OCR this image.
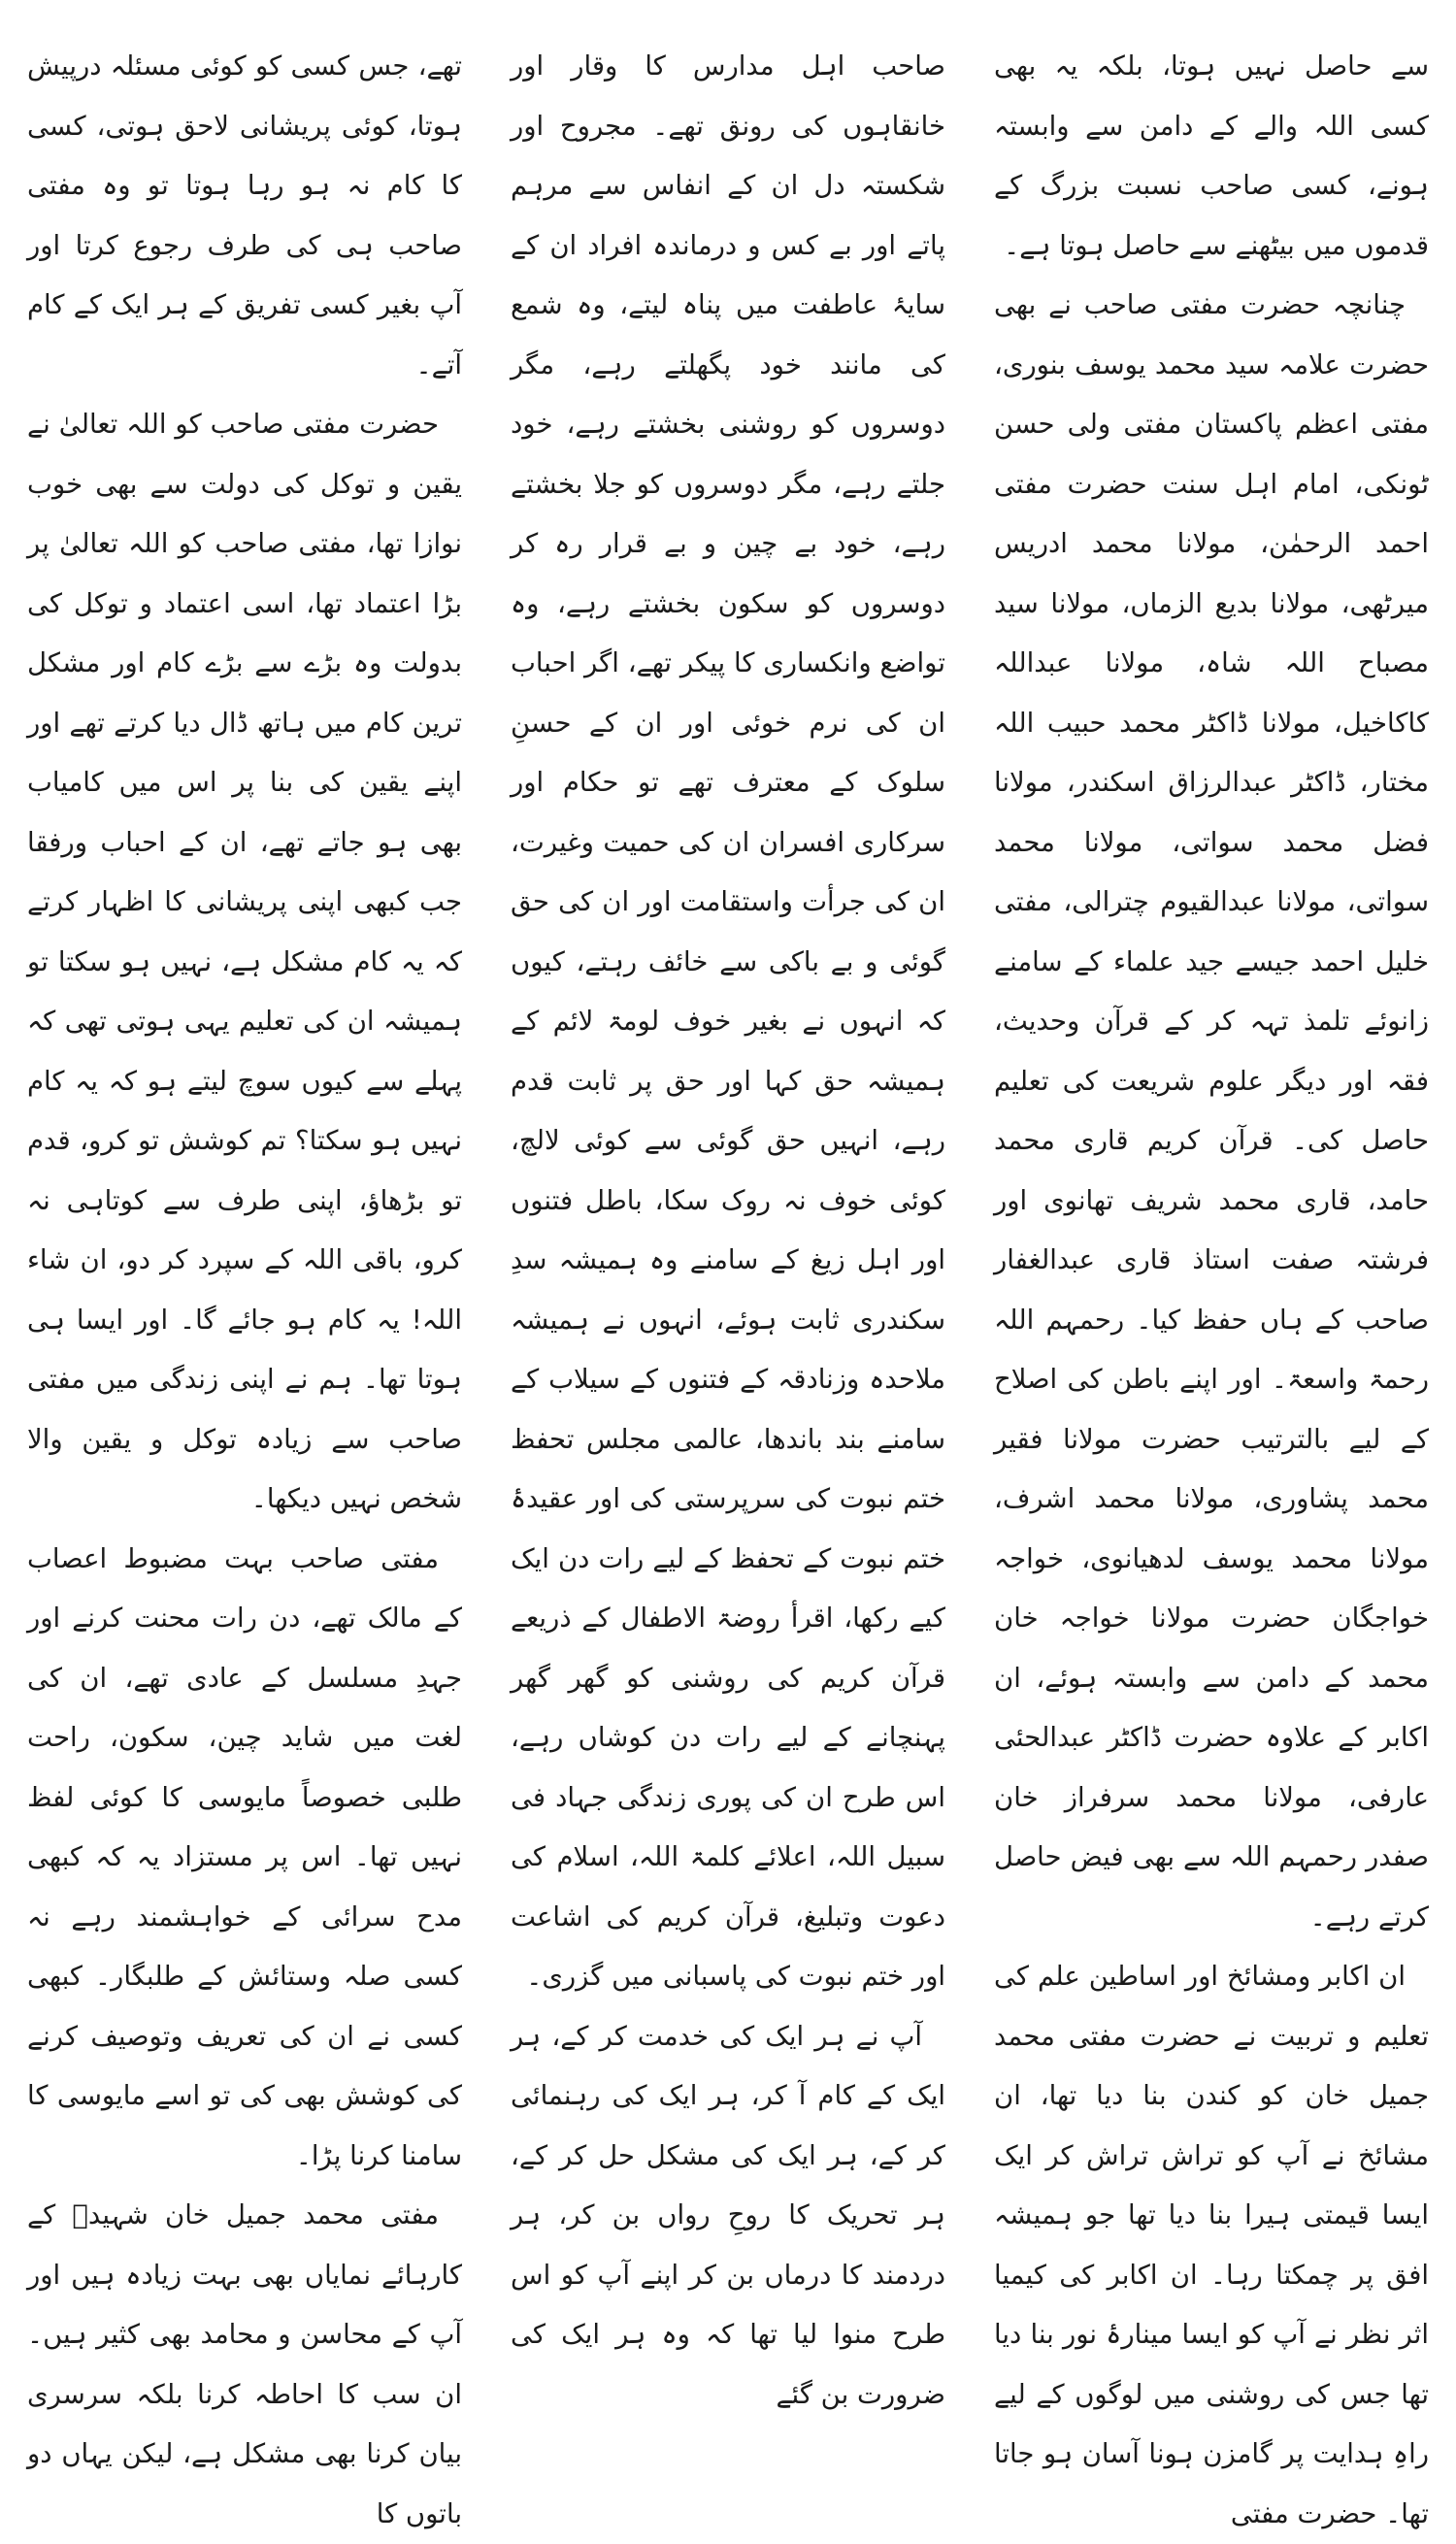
سے حاصل نہیں ہوتا، بلکہ یہ بھی کسی اللہ والے کے دامن سے وابستہ ہونے، کسی صاحب نسبت بزرگ کے قدموں میں بیٹھنے سے حاصل ہوتا ہے۔

چنانچہ حضرت مفتی صاحب نے بھی حضرت علامہ سید محمد یوسف بنوری، مفتی اعظم پاکستان مفتی ولی حسن ٹونکی، امام اہل سنت حضرت مفتی احمد الرحمٰن، مولانا محمد ادریس میرٹھی، مولانا بدیع الزماں، مولانا سید مصباح اللہ شاہ، مولانا عبداللہ کاکاخیل، مولانا ڈاکٹر محمد حبیب اللہ مختار، ڈاکٹر عبدالرزاق اسکندر، مولانا فضل محمد سواتی، مولانا محمد سواتی، مولانا عبدالقیوم چترالی، مفتی خلیل احمد جیسے جید علماء کے سامنے زانوئے تلمذ تہہ کر کے قرآن وحدیث، فقہ اور دیگر علوم شریعت کی تعلیم حاصل کی۔ قرآن کریم قاری محمد حامد، قاری محمد شریف تھانوی اور فرشتہ صفت استاذ قاری عبدالغفار صاحب کے ہاں حفظ کیا۔ رحمہم اللہ رحمۃ واسعۃ۔ اور اپنے باطن کی اصلاح کے لیے بالترتیب حضرت مولانا فقیر محمد پشاوری، مولانا محمد اشرف، مولانا محمد یوسف لدھیانوی، خواجہ خواجگان حضرت مولانا خواجہ خان محمد کے دامن سے وابستہ ہوئے، ان اکابر کے علاوہ حضرت ڈاکٹر عبدالحئی عارفی، مولانا محمد سرفراز خان صفدر رحمہم اللہ سے بھی فیض حاصل کرتے رہے۔

ان اکابر ومشائخ اور اساطین علم کی تعلیم و تربیت نے حضرت مفتی محمد جمیل خان کو کندن بنا دیا تھا، ان مشائخ نے آپ کو تراش تراش کر ایک ایسا قیمتی ہیرا بنا دیا تھا جو ہمیشہ افق پر چمکتا رہا۔ ان اکابر کی کیمیا اثر نظر نے آپ کو ایسا مینارۂ نور بنا دیا تھا جس کی روشنی میں لوگوں کے لیے راہِ ہدایت پر گامزن ہونا آسان ہو جاتا تھا۔ حضرت مفتی

صاحب اہل مدارس کا وقار اور خانقاہوں کی رونق تھے۔ مجروح اور شکستہ دل ان کے انفاس سے مرہم پاتے اور بے کس و درماندہ افراد ان کے سایۂ عاطفت میں پناہ لیتے، وہ شمع کی مانند خود پگھلتے رہے، مگر دوسروں کو روشنی بخشتے رہے، خود جلتے رہے، مگر دوسروں کو جلا بخشتے رہے، خود بے چین و بے قرار رہ کر دوسروں کو سکون بخشتے رہے، وہ تواضع وانکساری کا پیکر تھے، اگر احباب ان کی نرم خوئی اور ان کے حسنِ سلوک کے معترف تھے تو حکام اور سرکاری افسران ان کی حمیت وغیرت، ان کی جرأت واستقامت اور ان کی حق گوئی و بے باکی سے خائف رہتے، کیوں کہ انہوں نے بغیر خوف لومۃ لائم کے ہمیشہ حق کہا اور حق پر ثابت قدم رہے، انہیں حق گوئی سے کوئی لالچ، کوئی خوف نہ روک سکا، باطل فتنوں اور اہل زیغ کے سامنے وہ ہمیشہ سدِ سکندری ثابت ہوئے، انہوں نے ہمیشہ ملاحدہ وزنادقہ کے فتنوں کے سیلاب کے سامنے بند باندھا، عالمی مجلس تحفظ ختم نبوت کی سرپرستی کی اور عقیدۂ ختم نبوت کے تحفظ کے لیے رات دن ایک کیے رکھا، اقرأ روضۃ الاطفال کے ذریعے قرآن کریم کی روشنی کو گھر گھر پہنچانے کے لیے رات دن کوشاں رہے، اس طرح ان کی پوری زندگی جہاد فی سبیل اللہ، اعلائے کلمۃ اللہ، اسلام کی دعوت وتبلیغ، قرآن کریم کی اشاعت اور ختم نبوت کی پاسبانی میں گزری۔

آپ نے ہر ایک کی خدمت کر کے، ہر ایک کے کام آ کر، ہر ایک کی رہنمائی کر کے، ہر ایک کی مشکل حل کر کے، ہر تحریک کا روحِ رواں بن کر، ہر دردمند کا درماں بن کر اپنے آپ کو اس طرح منوا لیا تھا کہ وہ ہر ایک کی ضرورت بن گئے

تھے، جس کسی کو کوئی مسئلہ درپیش ہوتا، کوئی پریشانی لاحق ہوتی، کسی کا کام نہ ہو رہا ہوتا تو وہ مفتی صاحب ہی کی طرف رجوع کرتا اور آپ بغیر کسی تفریق کے ہر ایک کے کام آتے۔

حضرت مفتی صاحب کو اللہ تعالیٰ نے یقین و توکل کی دولت سے بھی خوب نوازا تھا، مفتی صاحب کو اللہ تعالیٰ پر بڑا اعتماد تھا، اسی اعتماد و توکل کی بدولت وہ بڑے سے بڑے کام اور مشکل ترین کام میں ہاتھ ڈال دیا کرتے تھے اور اپنے یقین کی بنا پر اس میں کامیاب بھی ہو جاتے تھے، ان کے احباب ورفقا جب کبھی اپنی پریشانی کا اظہار کرتے کہ یہ کام مشکل ہے، نہیں ہو سکتا تو ہمیشہ ان کی تعلیم یہی ہوتی تھی کہ پہلے سے کیوں سوچ لیتے ہو کہ یہ کام نہیں ہو سکتا؟ تم کوشش تو کرو، قدم تو بڑھاؤ، اپنی طرف سے کوتاہی نہ کرو، باقی اللہ کے سپرد کر دو، ان شاء اللہ! یہ کام ہو جائے گا۔ اور ایسا ہی ہوتا تھا۔ ہم نے اپنی زندگی میں مفتی صاحب سے زیادہ توکل و یقین والا شخص نہیں دیکھا۔

مفتی صاحب بہت مضبوط اعصاب کے مالک تھے، دن رات محنت کرنے اور جہدِ مسلسل کے عادی تھے، ان کی لغت میں شاید چین، سکون، راحت طلبی خصوصاً مایوسی کا کوئی لفظ نہیں تھا۔ اس پر مستزاد یہ کہ کبھی مدح سرائی کے خواہشمند رہے نہ کسی صلہ وستائش کے طلبگار۔ کبھی کسی نے ان کی تعریف وتوصیف کرنے کی کوشش بھی کی تو اسے مایوسی کا سامنا کرنا پڑا۔

مفتی محمد جمیل خان شہیدؒ کے کارہائے نمایاں بھی بہت زیادہ ہیں اور آپ کے محاسن و محامد بھی کثیر ہیں۔ ان سب کا احاطہ کرنا بلکہ سرسری بیان کرنا بھی مشکل ہے، لیکن یہاں دو باتوں کا
